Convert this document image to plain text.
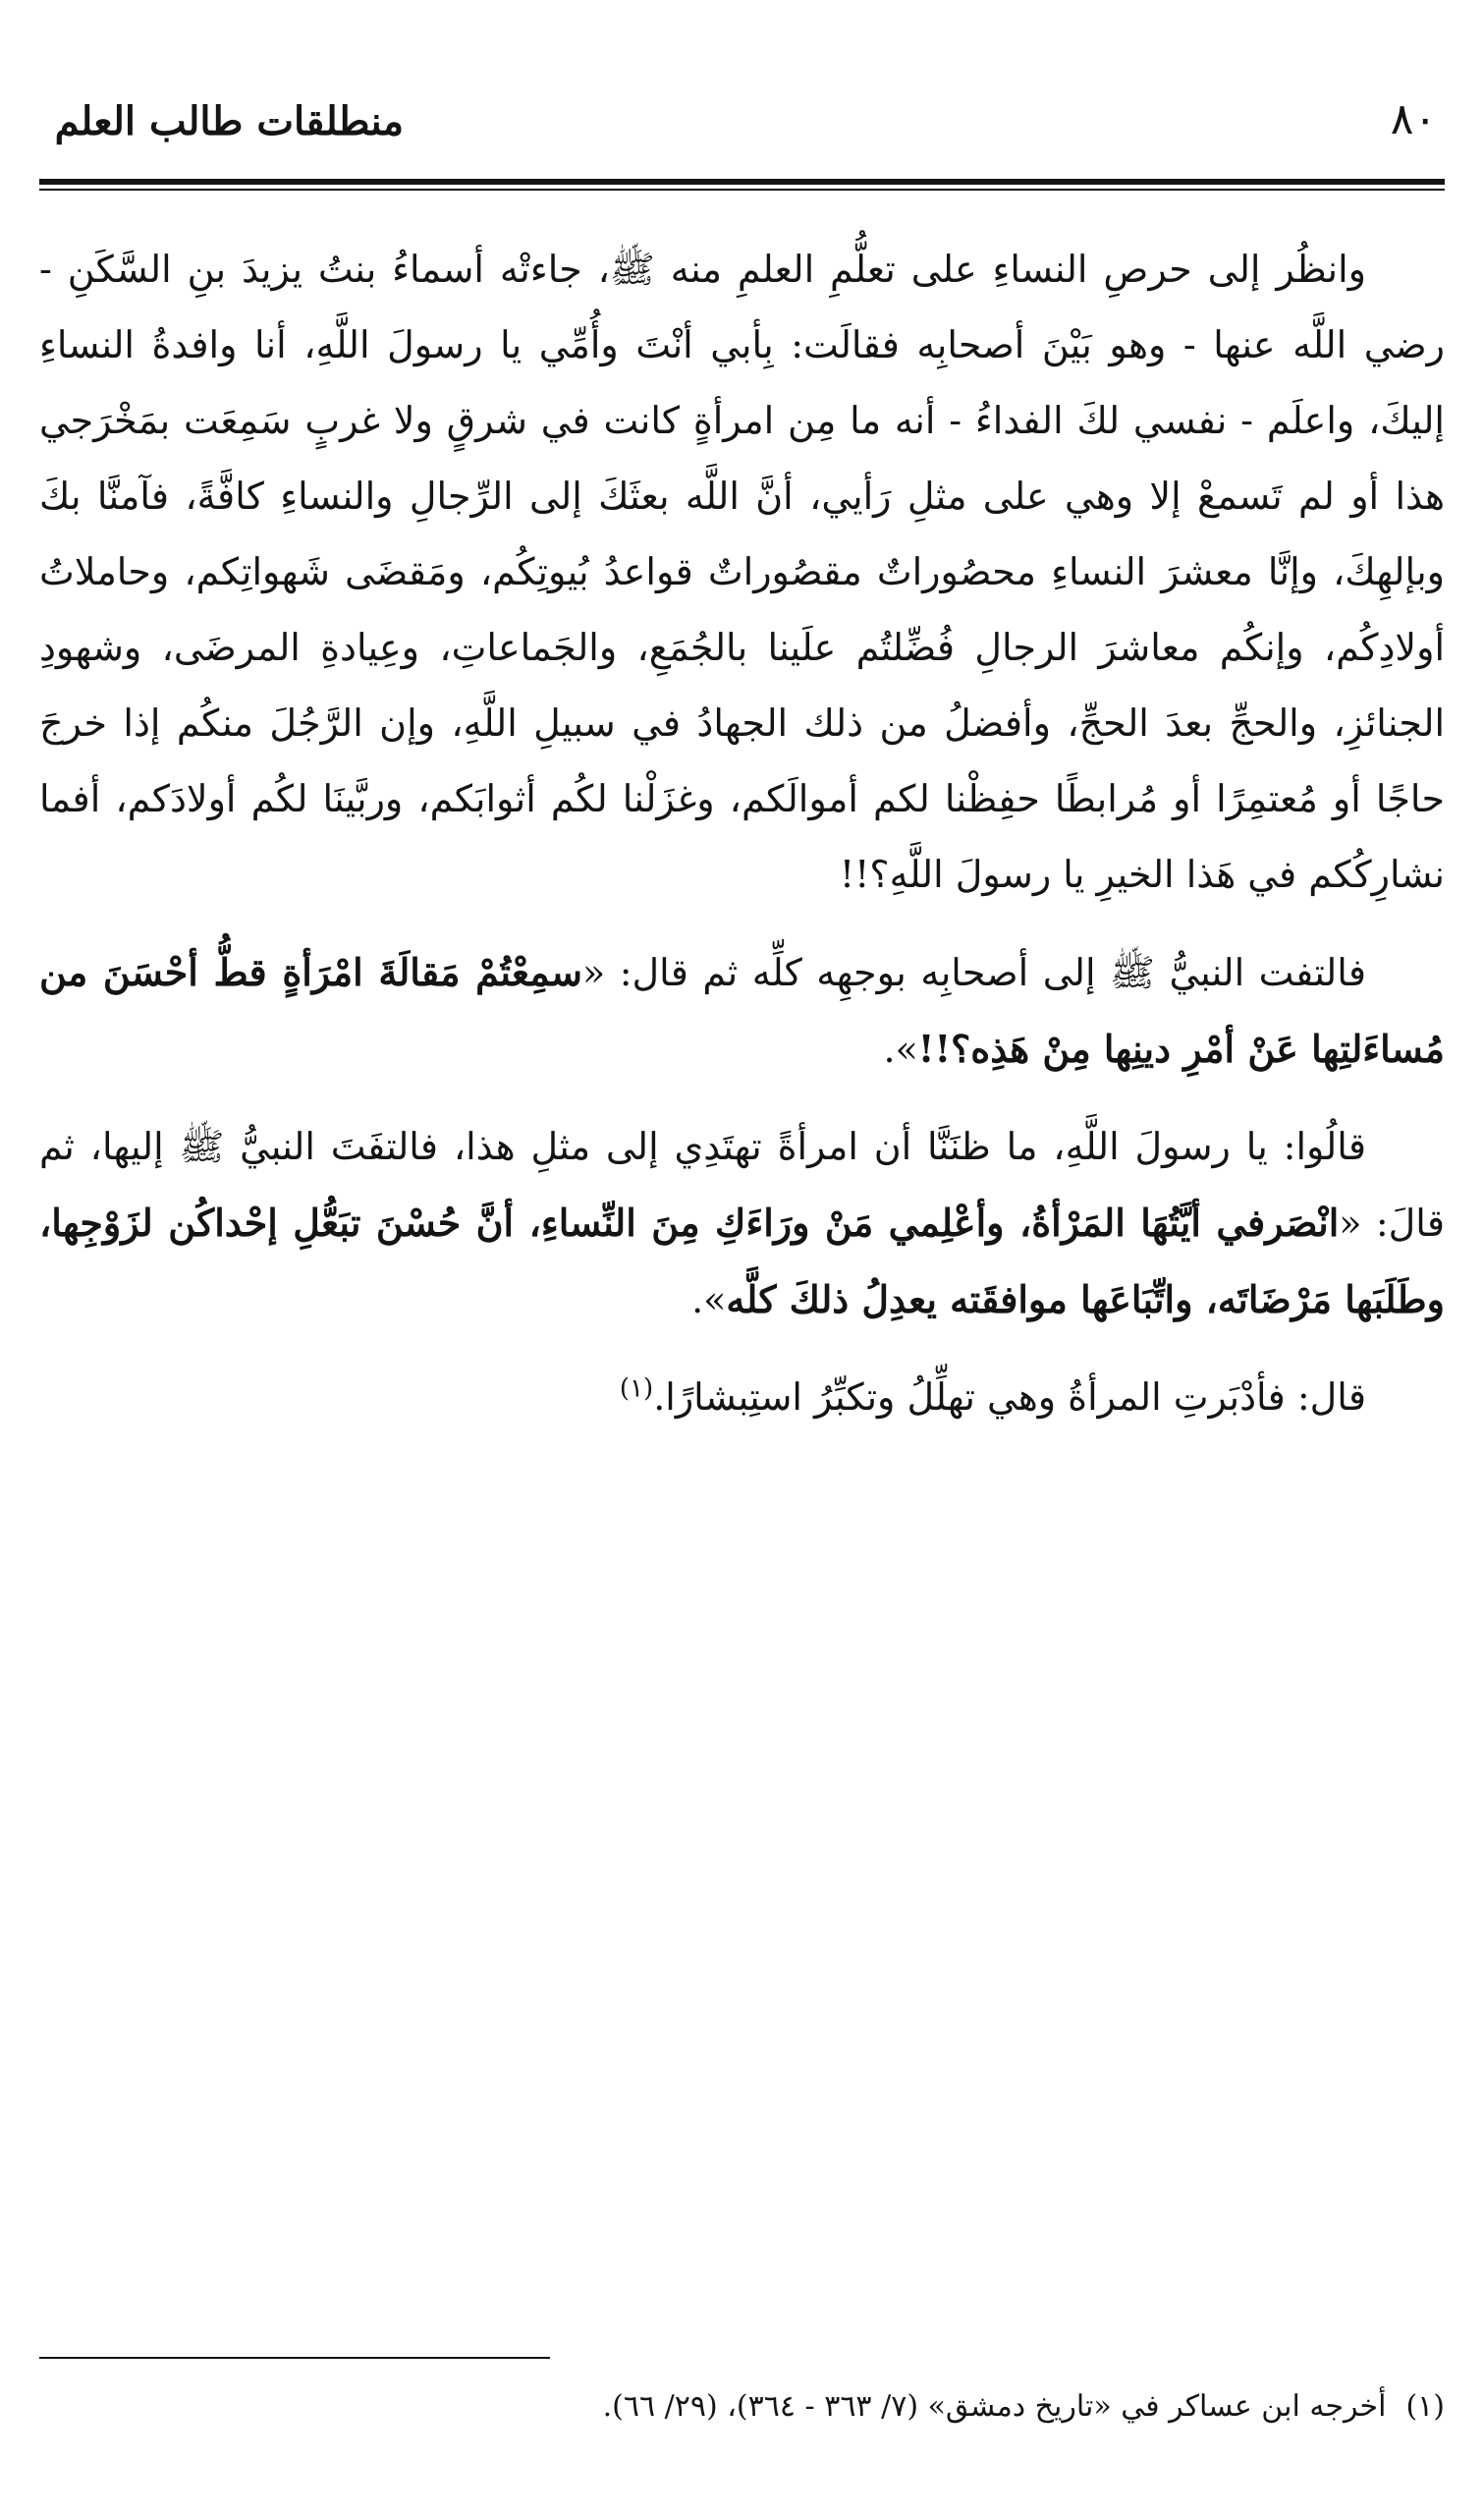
منطلقات طالب العلم	٨٠

وانظُر إلى حرصِ النساءِ على تعلُّمِ العلمِ منه ﷺ، جاءتْه أسماءُ بنتُ يزيدَ بنِ السَّكَنِ - رضي اللَّه عنها - وهو بَيْنَ أصحابِه فقالَت: بِأبي أنْتَ وأُمِّي يا رسولَ اللَّهِ، أنا وافدةُ النساءِ إليكَ، واعلَم - نفسي لكَ الفداءُ - أنه ما مِن امرأةٍ كانت في شرقٍ ولا غربٍ سَمِعَت بمَخْرَجي هذا أو لم تَسمعْ إلا وهي على مثلِ رَأيي، أنَّ اللَّه بعثَكَ إلى الرِّجالِ والنساءِ كافَّةً، فآمنَّا بكَ وبإلهِكَ، وإنَّا معشرَ النساءِ محصُوراتٌ مقصُوراتٌ قواعدُ بُيوتِكُم، ومَقضَى شَهواتِكم، وحاملاتُ أولادِكُم، وإنكُم معاشرَ الرجالِ فُضِّلتُم علَينا بالجُمَعِ، والجَماعاتِ، وعِيادةِ المرضَى، وشهودِ الجنائزِ، والحجِّ بعدَ الحجِّ، وأفضلُ من ذلك الجهادُ في سبيلِ اللَّهِ، وإن الرَّجُلَ منكُم إذا خرجَ حاجًا أو مُعتمِرًا أو مُرابطًا حفِظْنا لكم أموالَكم، وغزَلْنا لكُم أثوابَكم، وربَّينَا لكُم أولادَكم، أفما نشارِكُكم في هَذا الخيرِ يا رسولَ اللَّهِ؟!!

فالتفت النبيُّ ﷺ إلى أصحابِه بوجهِه كلِّه ثم قال: «سمِعْتُمْ مَقالَةَ امْرَأةٍ قطُّ أحْسَنَ من مُساءَلتِها عَنْ أمْرِ دينِها مِنْ هَذِه؟!!».

قالُوا: يا رسولَ اللَّهِ، ما ظنَنَّا أن امرأةً تهتَدِي إلى مثلِ هذا، فالتفَتَ النبيُّ ﷺ إليها، ثم قالَ: «انْصَرفي أيَّتُهَا المَرْأةُ، وأعْلِمي مَنْ ورَاءَكِ مِنَ النِّساءِ، أنَّ حُسْنَ تبَعُّلِ إحْداكُن لزَوْجِها، وطَلَبَها مَرْضَاتَه، واتِّبَاعَها موافقَته يعدِلُ ذلكَ كلَّه».

قال: فأدْبَرتِ المرأةُ وهي تهلِّلُ وتكبِّرُ استِبشارًا.$^{(١)}$

(١)أخرجه ابن عساكر في «تاريخ دمشق» (٧/ ٣٦٣ - ٣٦٤)، (٢٩/ ٦٦).
